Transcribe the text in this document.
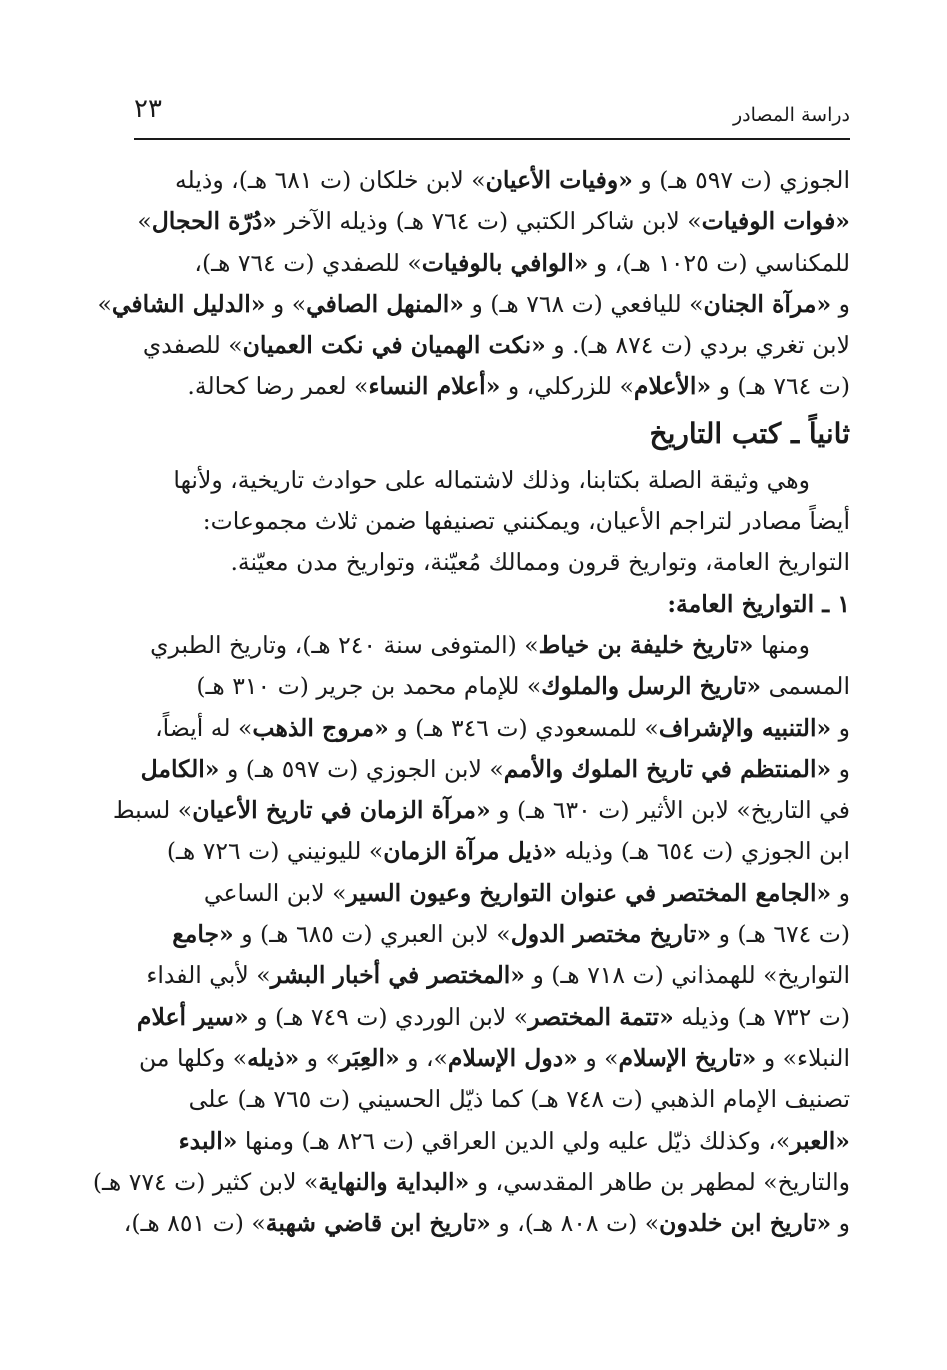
٢٣	دراسة المصادر
الجوزي (ت ٥٩٧ هـ) و «وفيات الأعيان» لابن خلكان (ت ٦٨١ هـ)، وذيله
«فوات الوفيات» لابن شاكر الكتبي (ت ٧٦٤ هـ) وذيله الآخر «دُرّة الحجال»
للمكناسي (ت ١٠٢٥ هـ)، و «الوافي بالوفيات» للصفدي (ت ٧٦٤ هـ)،
و «مرآة الجنان» لليافعي (ت ٧٦٨ هـ) و «المنهل الصافي» و «الدليل الشافي»
لابن تغري بردي (ت ٨٧٤ هـ). و «نكت الهميان في نكت العميان» للصفدي
(ت ٧٦٤ هـ) و «الأعلام» للزركلي، و «أعلام النساء» لعمر رضا كحالة.
ثانياً ـ كتب التاريخ
وهي وثيقة الصلة بكتابنا، وذلك لاشتماله على حوادث تاريخية، ولأنها
أيضاً مصادر لتراجم الأعيان، ويمكنني تصنيفها ضمن ثلاث مجموعات:
التواريخ العامة، وتواريخ قرون وممالك مُعيّنة، وتواريخ مدن معيّنة.
١ ـ التواريخ العامة:
ومنها «تاريخ خليفة بن خياط» (المتوفى سنة ٢٤٠ هـ)، وتاريخ الطبري
المسمى «تاريخ الرسل والملوك» للإمام محمد بن جرير (ت ٣١٠ هـ)
و «التنبيه والإشراف» للمسعودي (ت ٣٤٦ هـ) و «مروج الذهب» له أيضاً،
و «المنتظم في تاريخ الملوك والأمم» لابن الجوزي (ت ٥٩٧ هـ) و «الكامل
في التاريخ» لابن الأثير (ت ٦٣٠ هـ) و «مرآة الزمان في تاريخ الأعيان» لسبط
ابن الجوزي (ت ٦٥٤ هـ) وذيله «ذيل مرآة الزمان» لليونيني (ت ٧٢٦ هـ)
و «الجامع المختصر في عنوان التواريخ وعيون السير» لابن الساعي
(ت ٦٧٤ هـ) و «تاريخ مختصر الدول» لابن العبري (ت ٦٨٥ هـ) و «جامع
التواريخ» للهمذاني (ت ٧١٨ هـ) و «المختصر في أخبار البشر» لأبي الفداء
(ت ٧٣٢ هـ) وذيله «تتمة المختصر» لابن الوردي (ت ٧٤٩ هـ) و «سير أعلام
النبلاء» و «تاريخ الإسلام» و «دول الإسلام»، و «العِبَر» و «ذيله» وكلها من
تصنيف الإمام الذهبي (ت ٧٤٨ هـ) كما ذيّل الحسيني (ت ٧٦٥ هـ) على
«العبر»، وكذلك ذيّل عليه ولي الدين العراقي (ت ٨٢٦ هـ) ومنها «البدء
والتاريخ» لمطهر بن طاهر المقدسي، و «البداية والنهاية» لابن كثير (ت ٧٧٤ هـ)
و «تاريخ ابن خلدون» (ت ٨٠٨ هـ)، و «تاريخ ابن قاضي شهبة» (ت ٨٥١ هـ)،
